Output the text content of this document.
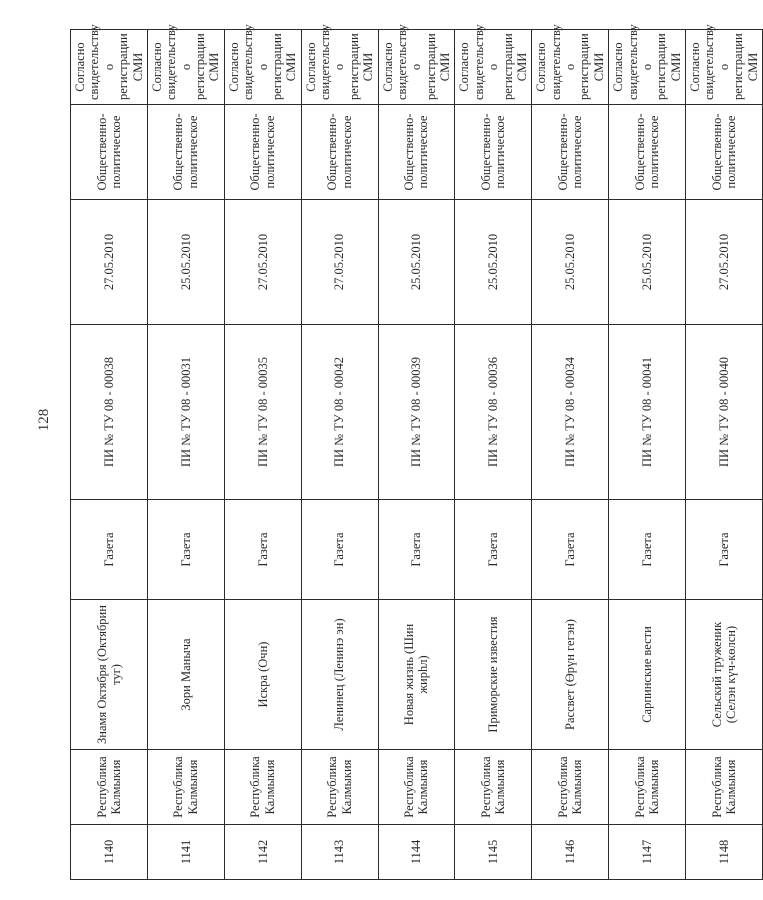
128
1140	Республика Калмыкия	Знамя Октября (Октябрин туг)	Газета	ПИ № ТУ 08 - 00038	27.05.2010	Общественно-политическое	Согласно свидетельству о регистрации СМИ
1141	Республика Калмыкия	Зори Маныча	Газета	ПИ № ТУ 08 - 00031	25.05.2010	Общественно-политическое	Согласно свидетельству о регистрации СМИ
1142	Республика Калмыкия	Искра (Очн)	Газета	ПИ № ТУ 08 - 00035	27.05.2010	Общественно-политическое	Согласно свидетельству о регистрации СМИ
1143	Республика Калмыкия	Ленинец (Ленинэ эн)	Газета	ПИ № ТУ 08 - 00042	27.05.2010	Общественно-политическое	Согласно свидетельству о регистрации СМИ
1144	Республика Калмыкия	Новая жизнь (Шин жирһл)	Газета	ПИ № ТУ 08 - 00039	25.05.2010	Общественно-политическое	Согласно свидетельству о регистрации СМИ
1145	Республика Калмыкия	Приморские известия	Газета	ПИ № ТУ 08 - 00036	25.05.2010	Общественно-политическое	Согласно свидетельству о регистрации СМИ
1146	Республика Калмыкия	Рассвет (Өрүн гегэн)	Газета	ПИ № ТУ 08 - 00034	25.05.2010	Общественно-политическое	Согласно свидетельству о регистрации СМИ
1147	Республика Калмыкия	Сарпинские вести	Газета	ПИ № ТУ 08 - 00041	25.05.2010	Общественно-политическое	Согласно свидетельству о регистрации СМИ
1148	Республика Калмыкия	Сельский труженик (Селэн күч-көлсн)	Газета	ПИ № ТУ 08 - 00040	27.05.2010	Общественно-политическое	Согласно свидетельству о регистрации СМИ
